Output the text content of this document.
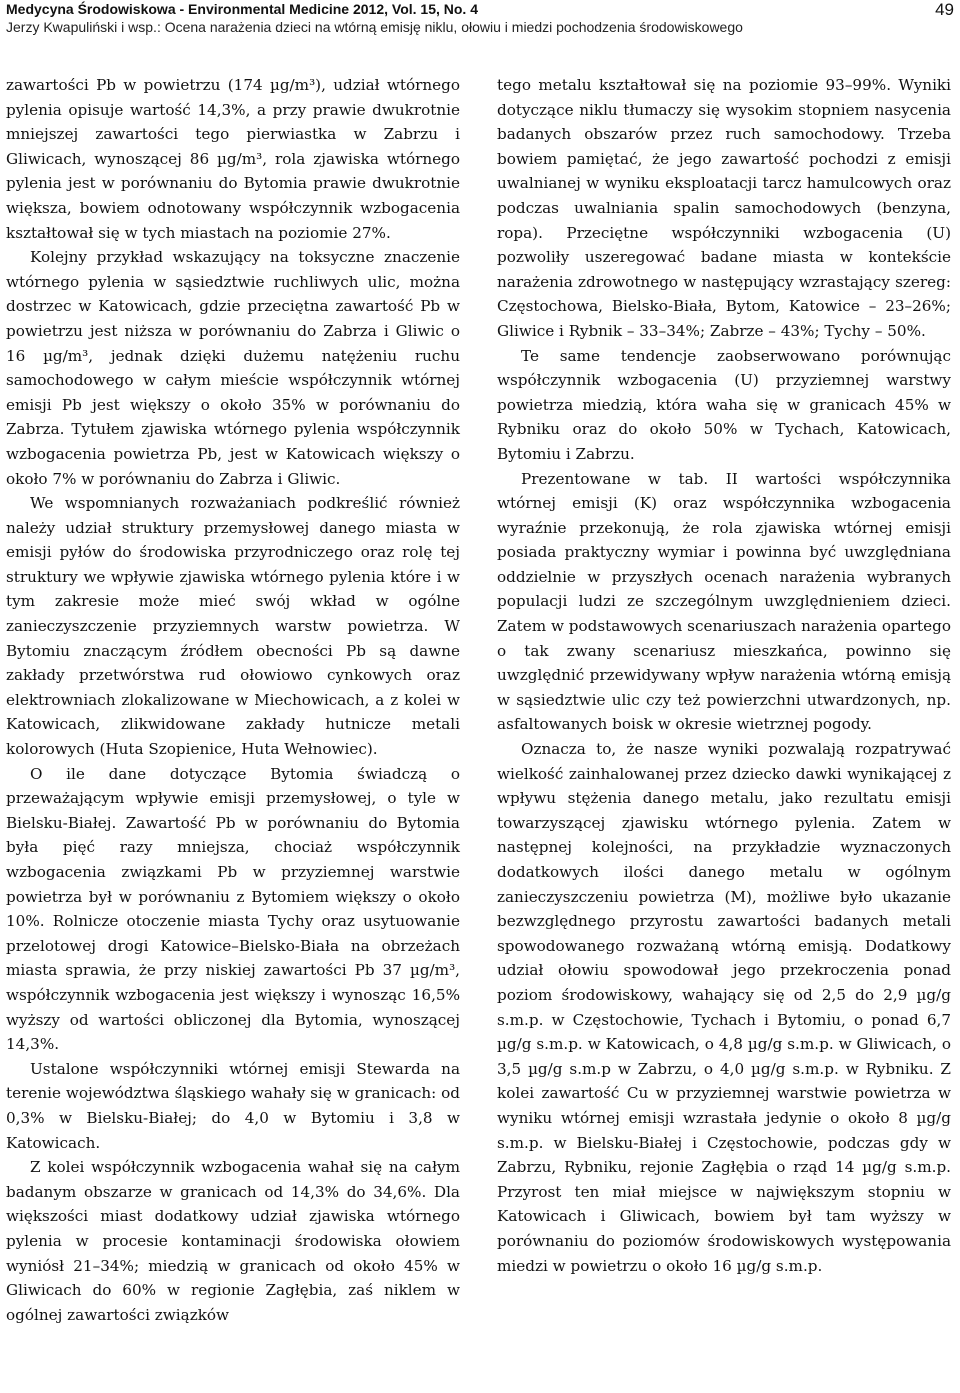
Medycyna Środowiskowa - Environmental Medicine 2012, Vol. 15, No. 4
Jerzy Kwapuliński i wsp.: Ocena narażenia dzieci na wtórną emisję niklu, ołowiu i miedzi pochodzenia środowiskowego
49

zawartości Pb w powietrzu (174 µg/m³), udział wtórnego pylenia opisuje wartość 14,3%, a przy prawie dwukrotnie mniejszej zawartości tego pierwiastka w Zabrzu i Gliwicach, wynoszącej 86 µg/m³, rola zjawiska wtórnego pylenia jest w porównaniu do Bytomia prawie dwukrotnie większa, bowiem odnotowany współczynnik wzbogacenia kształtował się w tych miastach na poziomie 27%.

Kolejny przykład wskazujący na toksyczne znaczenie wtórnego pylenia w sąsiedztwie ruchliwych ulic, można dostrzec w Katowicach, gdzie przeciętna zawartość Pb w powietrzu jest niższa w porównaniu do Zabrza i Gliwic o 16 µg/m³, jednak dzięki dużemu natężeniu ruchu samochodowego w całym mieście współczynnik wtórnej emisji Pb jest większy o około 35% w porównaniu do Zabrza. Tytułem zjawiska wtórnego pylenia współczynnik wzbogacenia powietrza Pb, jest w Katowicach większy o około 7% w porównaniu do Zabrza i Gliwic.

We wspomnianych rozważaniach podkreślić również należy udział struktury przemysłowej danego miasta w emisji pyłów do środowiska przyrodniczego oraz rolę tej struktury we wpływie zjawiska wtórnego pylenia które i w tym zakresie może mieć swój wkład w ogólne zanieczyszczenie przyziemnych warstw powietrza. W Bytomiu znaczącym źródłem obecności Pb są dawne zakłady przetwórstwa rud ołowiowo cynkowych oraz elektrowniach zlokalizowane w Miechowicach, a z kolei w Katowicach, zlikwidowane zakłady hutnicze metali kolorowych (Huta Szopienice, Huta Wełnowiec).

O ile dane dotyczące Bytomia świadczą o przeważającym wpływie emisji przemysłowej, o tyle w Bielsku-Białej. Zawartość Pb w porównaniu do Bytomia była pięć razy mniejsza, chociaż współczynnik wzbogacenia związkami Pb w przyziemnej warstwie powietrza był w porównaniu z Bytomiem większy o około 10%. Rolnicze otoczenie miasta Tychy oraz usytuowanie przelotowej drogi Katowice–Bielsko-Biała na obrzeżach miasta sprawia, że przy niskiej zawartości Pb 37 µg/m³, współczynnik wzbogacenia jest większy i wynosząc 16,5% wyższy od wartości obliczonej dla Bytomia, wynoszącej 14,3%.

Ustalone współczynniki wtórnej emisji Stewarda na terenie województwa śląskiego wahały się w granicach: od 0,3% w Bielsku-Białej; do 4,0 w Bytomiu i 3,8 w Katowicach.

Z kolei współczynnik wzbogacenia wahał się na całym badanym obszarze w granicach od 14,3% do 34,6%. Dla większości miast dodatkowy udział zjawiska wtórnego pylenia w procesie kontaminacji środowiska ołowiem wyniósł 21–34%; miedzią w granicach od około 45% w Gliwicach do 60% w regionie Zagłębia, zaś niklem w ogólnej zawartości związków

tego metalu kształtował się na poziomie 93–99%. Wyniki dotyczące niklu tłumaczy się wysokim stopniem nasycenia badanych obszarów przez ruch samochodowy. Trzeba bowiem pamiętać, że jego zawartość pochodzi z emisji uwalnianej w wyniku eksploatacji tarcz hamulcowych oraz podczas uwalniania spalin samochodowych (benzyna, ropa). Przeciętne współczynniki wzbogacenia (U) pozwoliły uszeregować badane miasta w kontekście narażenia zdrowotnego w następujący wzrastający szereg: Częstochowa, Bielsko-Biała, Bytom, Katowice – 23–26%; Gliwice i Rybnik – 33–34%; Zabrze – 43%; Tychy – 50%.

Te same tendencje zaobserwowano porównując współczynnik wzbogacenia (U) przyziemnej warstwy powietrza miedzią, która waha się w granicach 45% w Rybniku oraz do około 50% w Tychach, Katowicach, Bytomiu i Zabrzu.

Prezentowane w tab. II wartości współczynnika wtórnej emisji (K) oraz współczynnika wzbogacenia wyraźnie przekonują, że rola zjawiska wtórnej emisji posiada praktyczny wymiar i powinna być uwzględniana oddzielnie w przyszłych ocenach narażenia wybranych populacji ludzi ze szczególnym uwzględnieniem dzieci. Zatem w podstawowych scenariuszach narażenia opartego o tak zwany scenariusz mieszkańca, powinno się uwzględnić przewidywany wpływ narażenia wtórną emisją w sąsiedztwie ulic czy też powierzchni utwardzonych, np. asfaltowanych boisk w okresie wietrznej pogody.

Oznacza to, że nasze wyniki pozwalają rozpatrywać wielkość zainhalowanej przez dziecko dawki wynikającej z wpływu stężenia danego metalu, jako rezultatu emisji towarzyszącej zjawisku wtórnego pylenia. Zatem w następnej kolejności, na przykładzie wyznaczonych dodatkowych ilości danego metalu w ogólnym zanieczyszczeniu powietrza (M), możliwe było ukazanie bezwzględnego przyrostu zawartości badanych metali spowodowanego rozważaną wtórną emisją. Dodatkowy udział ołowiu spowodował jego przekroczenia ponad poziom środowiskowy, wahający się od 2,5 do 2,9 µg/g s.m.p. w Częstochowie, Tychach i Bytomiu, o ponad 6,7 µg/g s.m.p. w Katowicach, o 4,8 µg/g s.m.p. w Gliwicach, o 3,5 µg/g s.m.p w Zabrzu, o 4,0 µg/g s.m.p. w Rybniku. Z kolei zawartość Cu w przyziemnej warstwie powietrza w wyniku wtórnej emisji wzrastała jedynie o około 8 µg/g s.m.p. w Bielsku-Białej i Częstochowie, podczas gdy w Zabrzu, Rybniku, rejonie Zagłębia o rząd 14 µg/g s.m.p. Przyrost ten miał miejsce w największym stopniu w Katowicach i Gliwicach, bowiem był tam wyższy w porównaniu do poziomów środowiskowych występowania miedzi w powietrzu o około 16 µg/g s.m.p.
